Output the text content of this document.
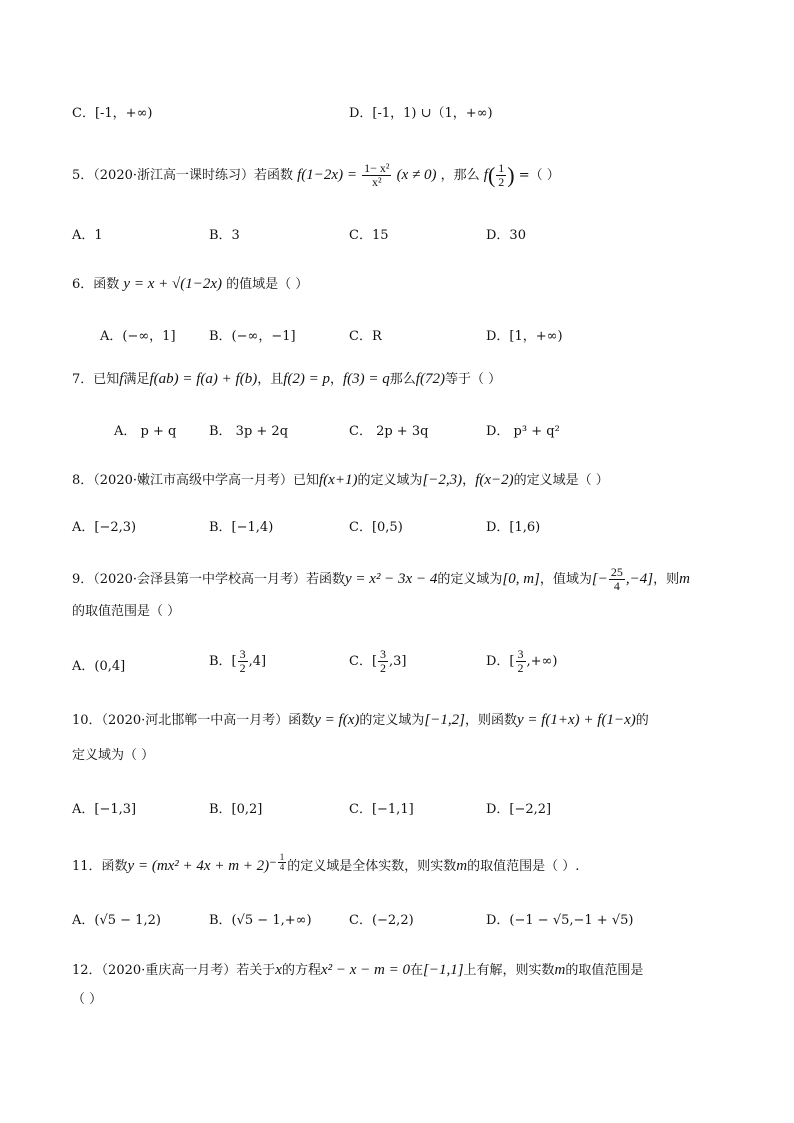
C．[-1，+∞)	D．[-1，1) ∪（1，+∞)
5．（2020·浙江高一课时练习）若函数 $f(1-2x) = \frac{\text{1− x²}}{\text{x²}} (x \ne 0)$ ，那么 $f( \frac{1}{2}$ ) =（ ）
A．1	B．3	C．15	D．30
6．函数 y = x + √(1−2x) 的值域是（ ）
A．(−∞，1]	B．(−∞，−1]	C．R	D．[1，+∞)
7．已知f满足f(ab) = f(a) + f(b)，且f(2) = p，f(3) = q那么f(72)等于（ ）
A． p + q	B． 3p + 2q	C． 2p + 3q	D． p³ + q²
8．（2020·嫩江市高级中学高一月考）已知f(x+1)的定义域为[−2,3)，f(x−2)的定义域是（ ）
A．[−2,3)	B．[−1,4)	C．[0,5)	D．[1,6)
9．（2020·会泽县第一中学校高一月考）若函数y = x² − 3x − 4的定义域为[0, m]，值域为[− $\frac{25}{4} ,-4$]，则m
的取值范围是（ ）
A．(0,4]	B．[ $\frac{3}{2} ,4$]	C．[ $\frac{3}{2} ,3$]	D．[ $\frac{3}{2}$ ,+∞)
10．（2020·河北邯郸一中高一月考）函数y = f(x)的定义域为[−1,2]，则函数y = f(1+x) + f(1−x)的
定义域为（ ）
A．[−1,3]	B．[0,2]	C．[−1,1]	D．[−2,2]
11．函数$y = (mx^2 + 4x + m + 2) - \frac{1}{4}$ 的定义域是全体实数，则实数m的取值范围是（ ）.
A．(√5 − 1,2)	B．(√5 − 1,+∞)	C．(−2,2)	D．(−1 − √5,−1 + √5)
12．（2020·重庆高一月考）若关于x的方程x² − x − m = 0在[−1,1]上有解，则实数m的取值范围是
（ ）
